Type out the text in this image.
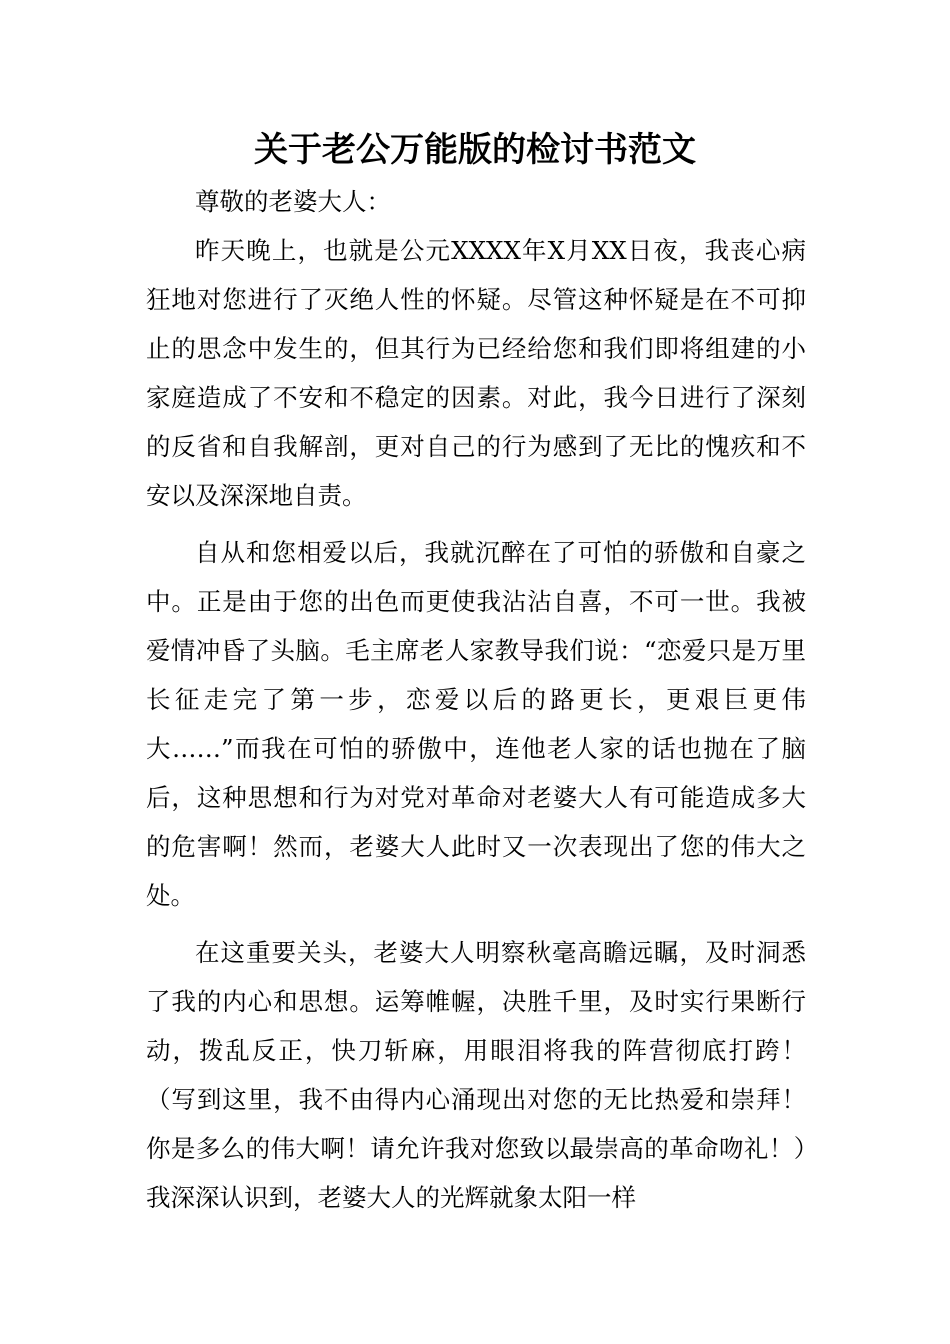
关于老公万能版的检讨书范文

尊敬的老婆大人：

昨天晚上，也就是公元XXXX年X月XX日夜，我丧心病狂地对您进行了灭绝人性的怀疑。尽管这种怀疑是在不可抑止的思念中发生的，但其行为已经给您和我们即将组建的小家庭造成了不安和不稳定的因素。对此，我今日进行了深刻的反省和自我解剖，更对自己的行为感到了无比的愧疚和不安以及深深地自责。

自从和您相爱以后，我就沉醉在了可怕的骄傲和自豪之中。正是由于您的出色而更使我沾沾自喜，不可一世。我被爱情冲昏了头脑。毛主席老人家教导我们说：“恋爱只是万里长征走完了第一步，恋爱以后的路更长，更艰巨更伟大……”而我在可怕的骄傲中，连他老人家的话也抛在了脑后，这种思想和行为对党对革命对老婆大人有可能造成多大的危害啊！然而，老婆大人此时又一次表现出了您的伟大之处。

在这重要关头，老婆大人明察秋毫高瞻远瞩，及时洞悉了我的内心和思想。运筹帷幄，决胜千里，及时实行果断行动，拨乱反正，快刀斩麻，用眼泪将我的阵营彻底打跨！（写到这里，我不由得内心涌现出对您的无比热爱和崇拜！你是多么的伟大啊！请允许我对您致以最崇高的革命吻礼！）我深深认识到，老婆大人的光辉就象太阳一样
